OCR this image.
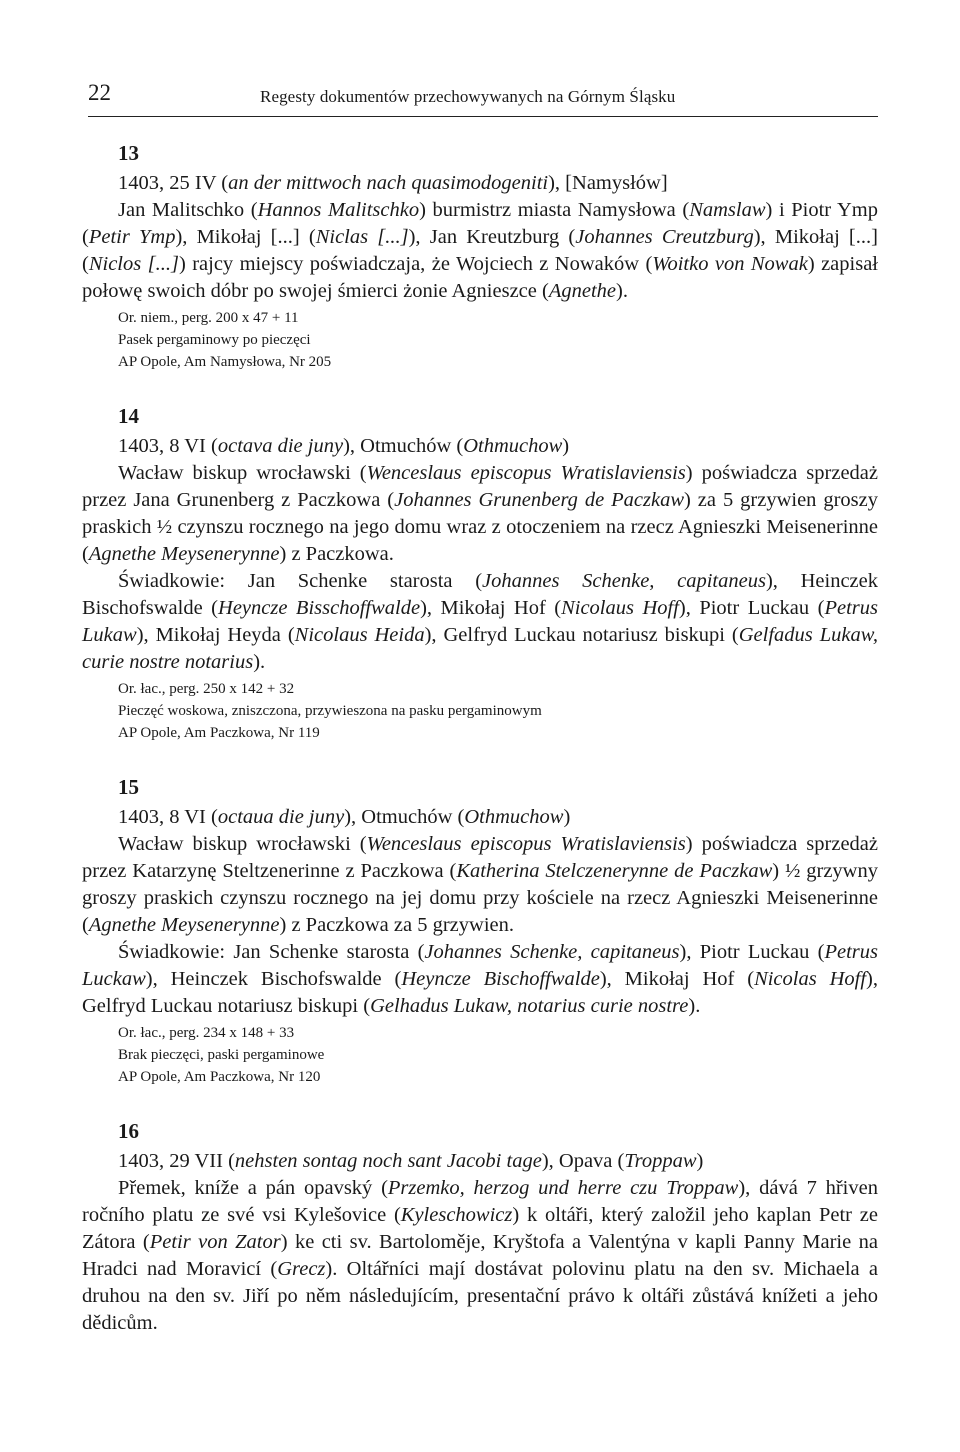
22	Regesty dokumentów przechowywanych na Górnym Śląsku
13
1403, 25 IV (an der mittwoch nach quasimodogeniti), [Namysłów]

Jan Malitschko (Hannos Malitschko) burmistrz miasta Namysłowa (Namslaw) i Piotr Ymp (Petir Ymp), Mikołaj [...] (Niclas [...]), Jan Kreutzburg (Johannes Creutzburg), Mikołaj [...] (Niclos [...]) rajcy miejscy poświadczaja, że Wojciech z Nowaków (Woitko von Nowak) zapisał połowę swoich dóbr po swojej śmierci żonie Agnieszce (Agnethe).

Or. niem., perg. 200 x 47 + 11
Pasek pergaminowy po pieczęci
AP Opole, Am Namysłowa, Nr 205
14
1403, 8 VI (octava die juny), Otmuchów (Othmuchow)

Wacław biskup wrocławski (Wenceslaus episcopus Wratislaviensis) poświadcza sprzedaż przez Jana Grunenberg z Paczkowa (Johannes Grunenberg de Paczkaw) za 5 grzywien groszy praskich ½ czynszu rocznego na jego domu wraz z otoczeniem na rzecz Agnieszki Meisenerinne (Agnethe Meysenerynne) z Paczkowa.

Świadkowie: Jan Schenke starosta (Johannes Schenke, capitaneus), Heinczek Bischofswalde (Heyncze Bisschoffwalde), Mikołaj Hof (Nicolaus Hoff), Piotr Luckau (Petrus Lukaw), Mikołaj Heyda (Nicolaus Heida), Gelfryd Luckau notariusz biskupi (Gelfadus Lukaw, curie nostre notarius).

Or. łac., perg. 250 x 142 + 32
Pieczęć woskowa, zniszczona, przywieszona na pasku pergaminowym
AP Opole, Am Paczkowa, Nr 119
15
1403, 8 VI (octaua die juny), Otmuchów (Othmuchow)

Wacław biskup wrocławski (Wenceslaus episcopus Wratislaviensis) poświadcza sprzedaż przez Katarzynę Steltzenerinne z Paczkowa (Katherina Stelczenerynne de Paczkaw) ½ grzywny groszy praskich czynszu rocznego na jej domu przy kościele na rzecz Agnieszki Meisenerinne (Agnethe Meysenerynne) z Paczkowa za 5 grzywien.

Świadkowie: Jan Schenke starosta (Johannes Schenke, capitaneus), Piotr Luckau (Petrus Luckaw), Heinczek Bischofswalde (Heyncze Bischoffwalde), Mikołaj Hof (Nicolas Hoff), Gelfryd Luckau notariusz biskupi (Gelhadus Lukaw, notarius curie nostre).

Or. łac., perg. 234 x 148 + 33
Brak pieczęci, paski pergaminowe
AP Opole, Am Paczkowa, Nr 120
16
1403, 29 VII (nehsten sontag noch sant Jacobi tage), Opava (Troppaw)

Přemek, kníže a pán opavský (Przemko, herzog und herre czu Troppaw), dává 7 hřiven ročního platu ze své vsi Kylešovice (Kyleschowicz) k oltáři, který založil jeho kaplan Petr ze Zátora (Petir von Zator) ke cti sv. Bartoloměje, Kryštofa a Valentýna v kapli Panny Marie na Hradci nad Moravicí (Grecz). Oltářníci mají dostávat polovinu platu na den sv. Michaela a druhou na den sv. Jiří po něm následujícím, presentační právo k oltáři zůstává knížeti a jeho dědicům.
